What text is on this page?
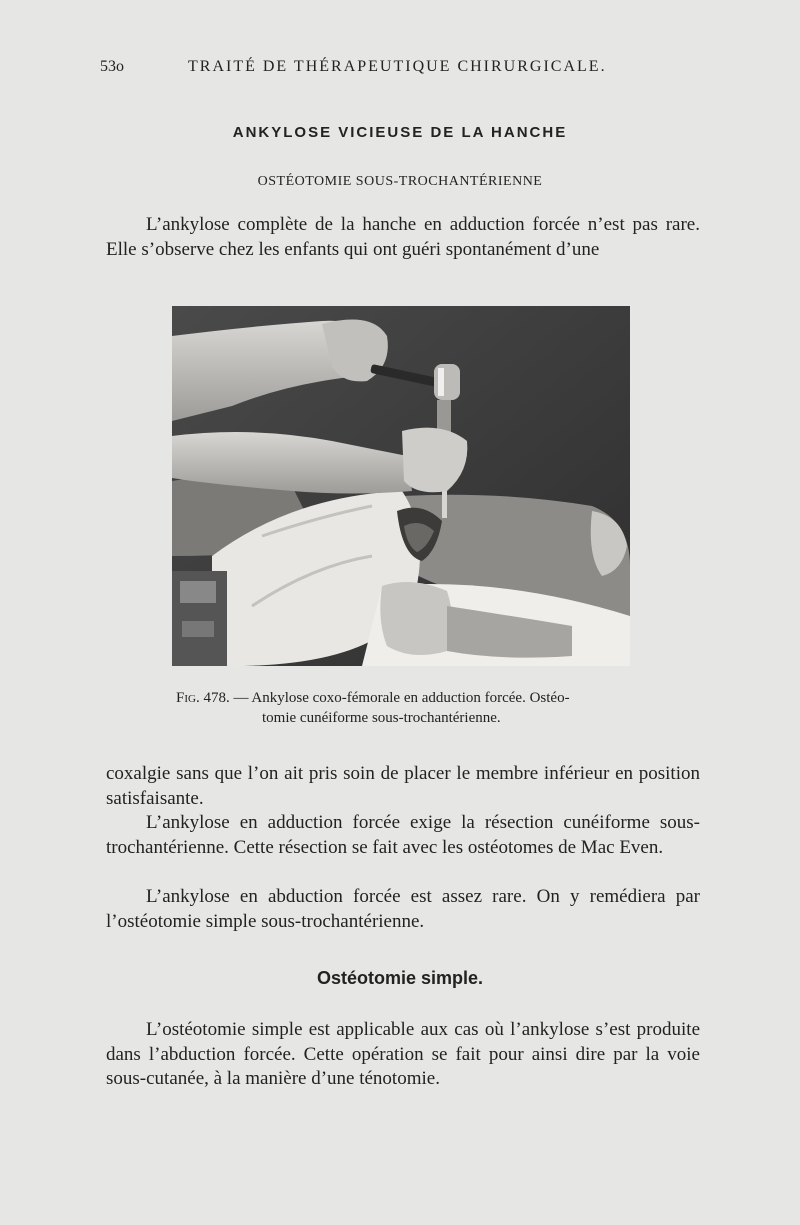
53o	TRAITÉ DE THÉRAPEUTIQUE CHIRURGICALE.
ANKYLOSE VICIEUSE DE LA HANCHE
OSTÉOTOMIE SOUS-TROCHANTÉRIENNE

L’ankylose complète de la hanche en adduction forcée n’est pas rare. Elle s’observe chez les enfants qui ont guéri spontanément d’une

Fig. 478. — Ankylose coxo-fémorale en adduction forcée. Ostéo-
tomie cunéiforme sous-trochantérienne.

coxalgie sans que l’on ait pris soin de placer le membre inférieur en position satisfaisante.

L’ankylose en adduction forcée exige la résection cunéiforme sous-trochantérienne. Cette résection se fait avec les ostéotomes de Mac Even.

L’ankylose en abduction forcée est assez rare. On y remédiera par l’ostéotomie simple sous-trochantérienne.

Ostéotomie simple.

L’ostéotomie simple est applicable aux cas où l’ankylose s’est produite dans l’abduction forcée. Cette opération se fait pour ainsi dire par la voie sous-cutanée, à la manière d’une ténotomie.
